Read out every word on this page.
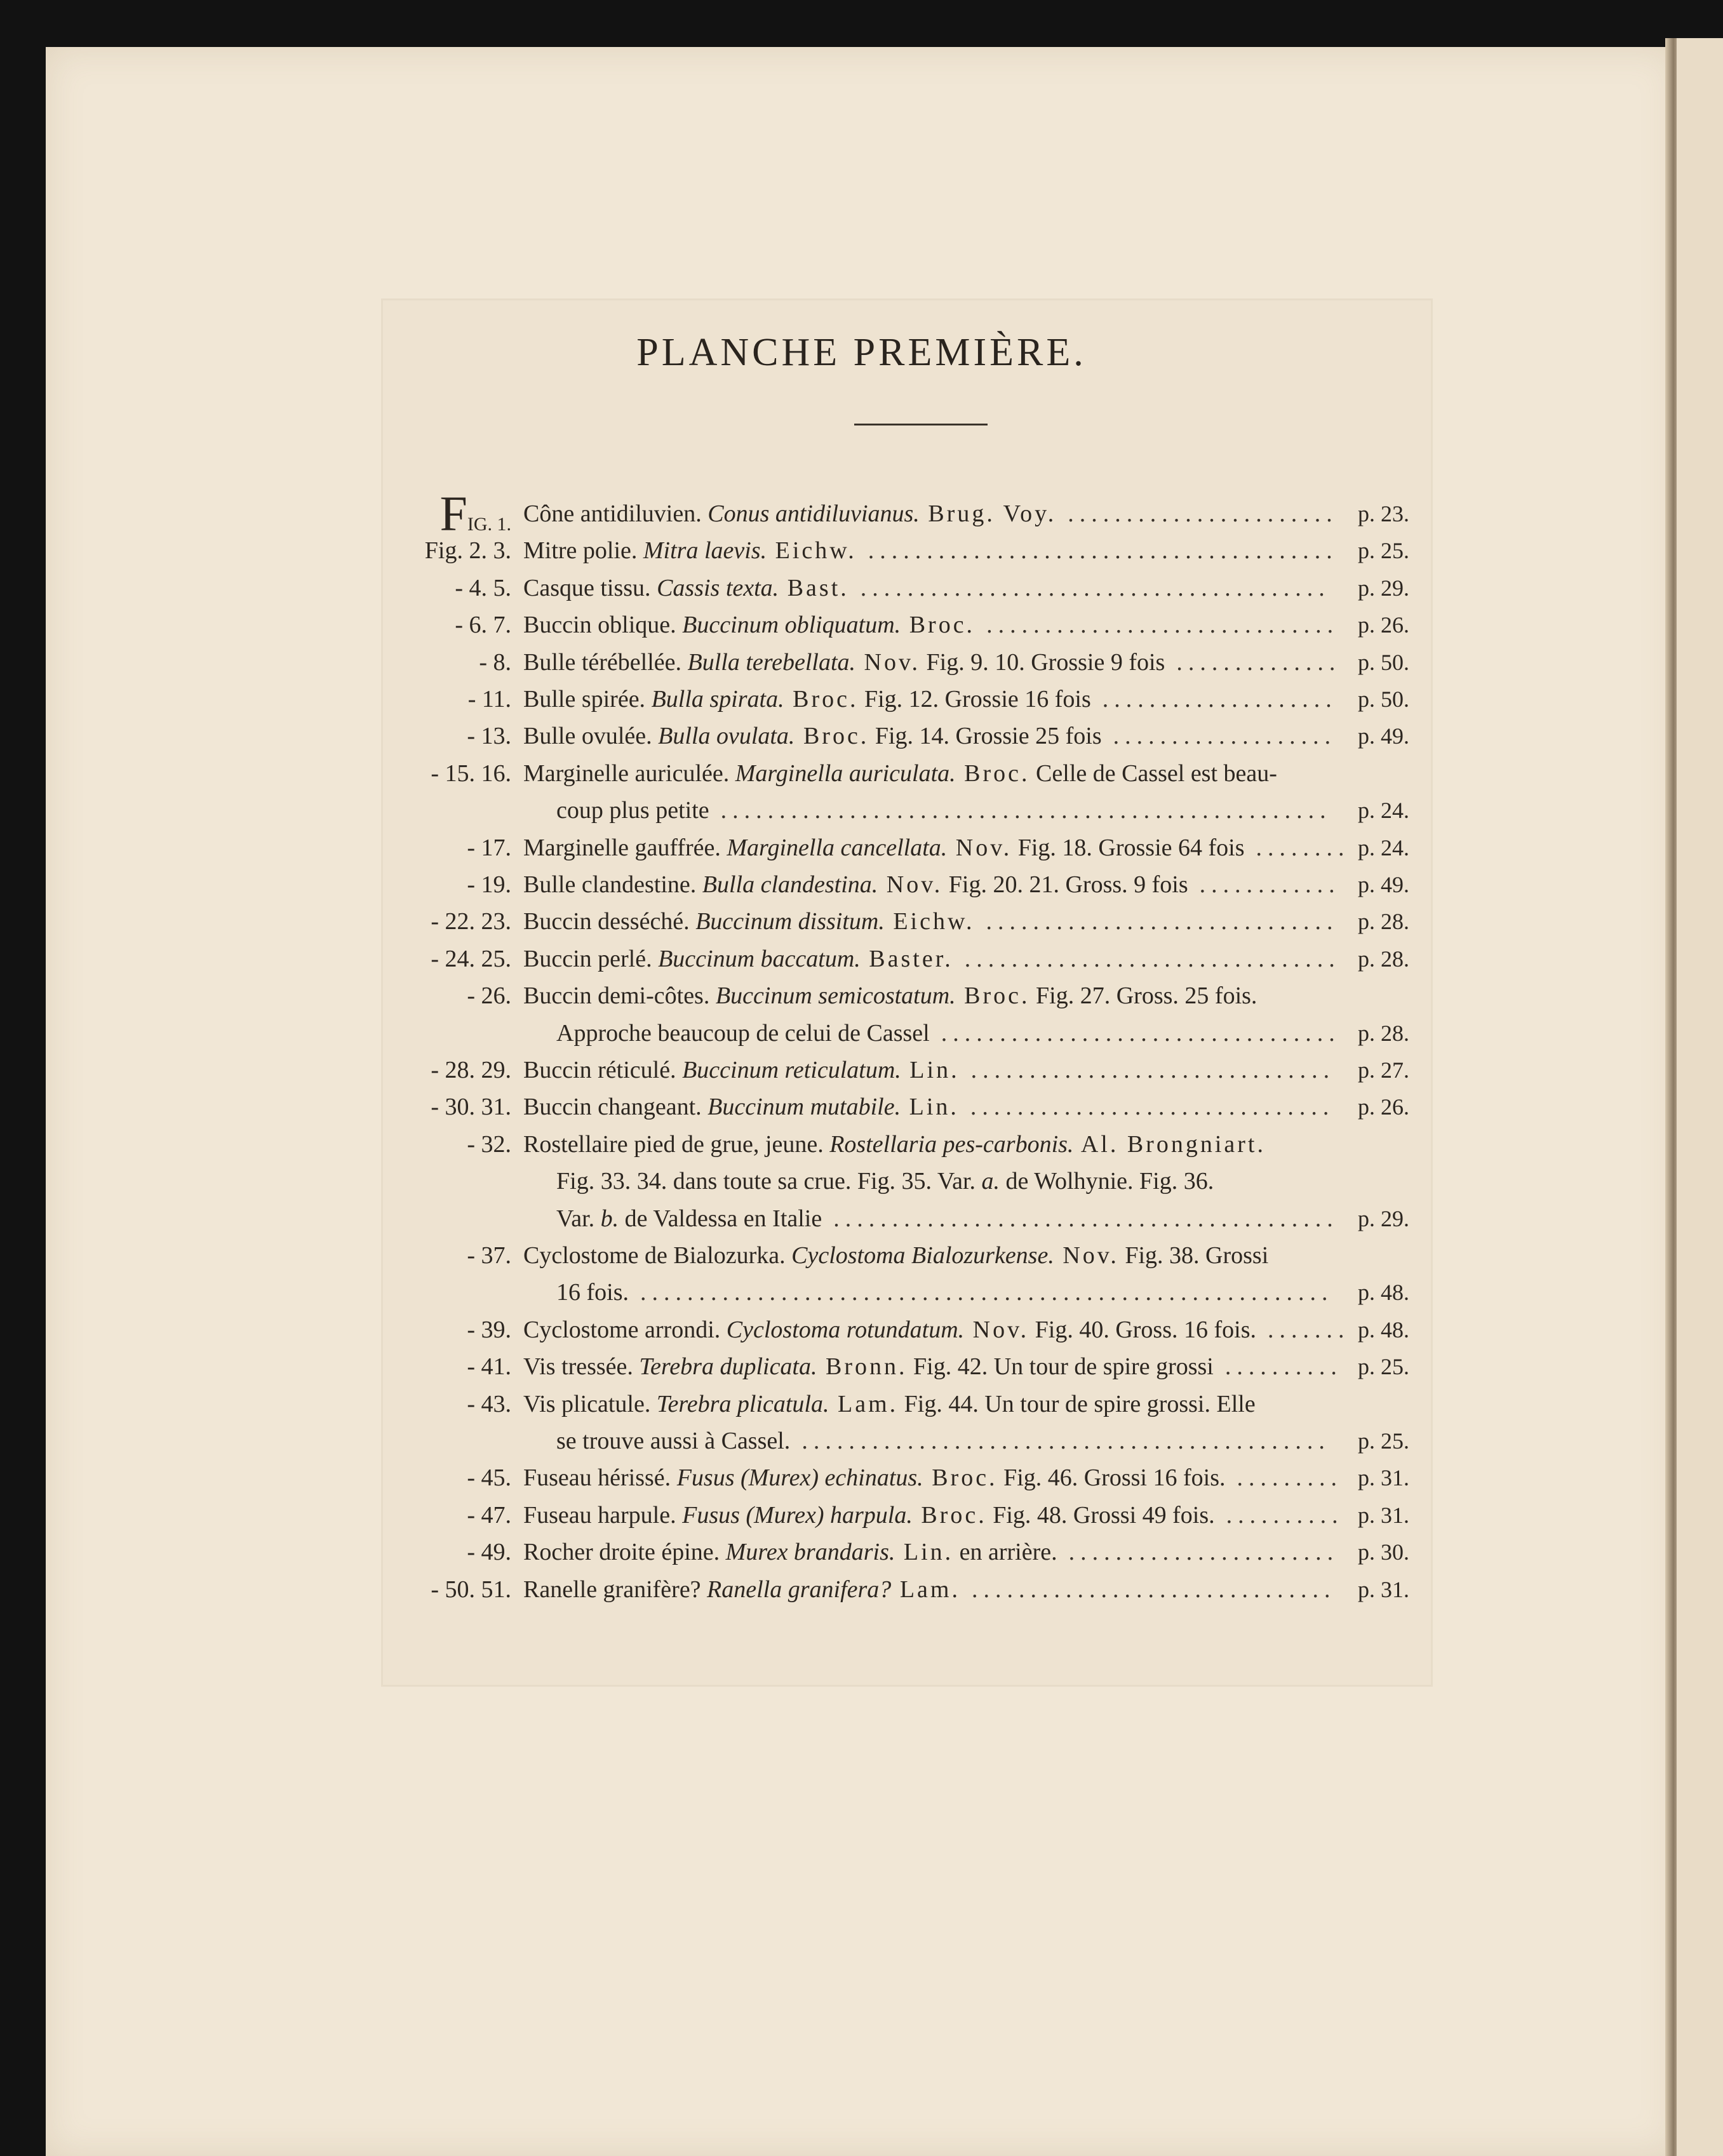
PLANCHE PREMIÈRE.
FIG. 1. Cône antidiluvien. Conus antidiluvianus. Brug. Voy. ....................... p. 23.
Fig. 2. 3. Mitre polie. Mitra laevis. Eichw. ........................................ p. 25.
- 4. 5. Casque tissu. Cassis texta. Bast. ........................................	p. 29.
- 6. 7. Buccin oblique. Buccinum obliquatum. Broc. .............................. p. 26.
- 8. Bulle térébellée. Bulla terebellata. Nov. Fig. 9. 10. Grossie 9 fois .............. p. 50.
- 11. Bulle spirée. Bulla spirata. Broc. Fig. 12. Grossie 16 fois .................... p. 50.
- 13. Bulle ovulée. Bulla ovulata. Broc. Fig. 14. Grossie 25 fois ................... p. 49.
- 15. 16. Marginelle auriculée. Marginella auriculata. Broc. Celle de Cassel est beau-
coup plus petite ....................................................	p. 24.
- 17. Marginelle gauffrée. Marginella cancellata. Nov. Fig. 18. Grossie 64 fois ........ p. 24.
- 19. Bulle clandestine. Bulla clandestina. Nov. Fig. 20. 21. Gross. 9 fois ............ p. 49.
- 22. 23. Buccin desséché. Buccinum dissitum. Eichw. .............................. p. 28.
- 24. 25. Buccin perlé. Buccinum baccatum. Baster. ................................ p. 28.
- 26. Buccin demi-côtes. Buccinum semicostatum. Broc. Fig. 27. Gross. 25 fois.
Approche beaucoup de celui de Cassel .................................. p. 28.
- 28. 29. Buccin réticulé. Buccinum reticulatum. Lin. ............................... p. 27.
- 30. 31. Buccin changeant. Buccinum mutabile. Lin. ............................... p. 26.
- 32. Rostellaire pied de grue, jeune. Rostellaria pes-carbonis. Al. Brongniart.
Fig. 33. 34. dans toute sa crue. Fig. 35. Var. a. de Wolhynie. Fig. 36.
Var. b. de Valdessa en Italie ........................................... p. 29.
- 37. Cyclostome de Bialozurka. Cyclostoma Bialozurkense. Nov. Fig. 38. Grossi
16 fois. ...........................................................	p. 48.
- 39. Cyclostome arrondi. Cyclostoma rotundatum. Nov. Fig. 40. Gross. 16 fois. ....... p. 48.
- 41. Vis tressée. Terebra duplicata. Bronn. Fig. 42. Un tour de spire grossi .......... p. 25.
- 43. Vis plicatule. Terebra plicatula. Lam. Fig. 44. Un tour de spire grossi. Elle
se trouve aussi à Cassel. .............................................	p. 25.
- 45. Fuseau hérissé. Fusus (Murex) echinatus. Broc. Fig. 46. Grossi 16 fois. ......... p. 31.
- 47. Fuseau harpule. Fusus (Murex) harpula. Broc. Fig. 48. Grossi 49 fois. .......... p. 31.
- 49. Rocher droite épine. Murex brandaris. Lin. en arrière. ....................... p. 30.
- 50. 51. Ranelle granifère? Ranella granifera? Lam. ............................... p. 31.
